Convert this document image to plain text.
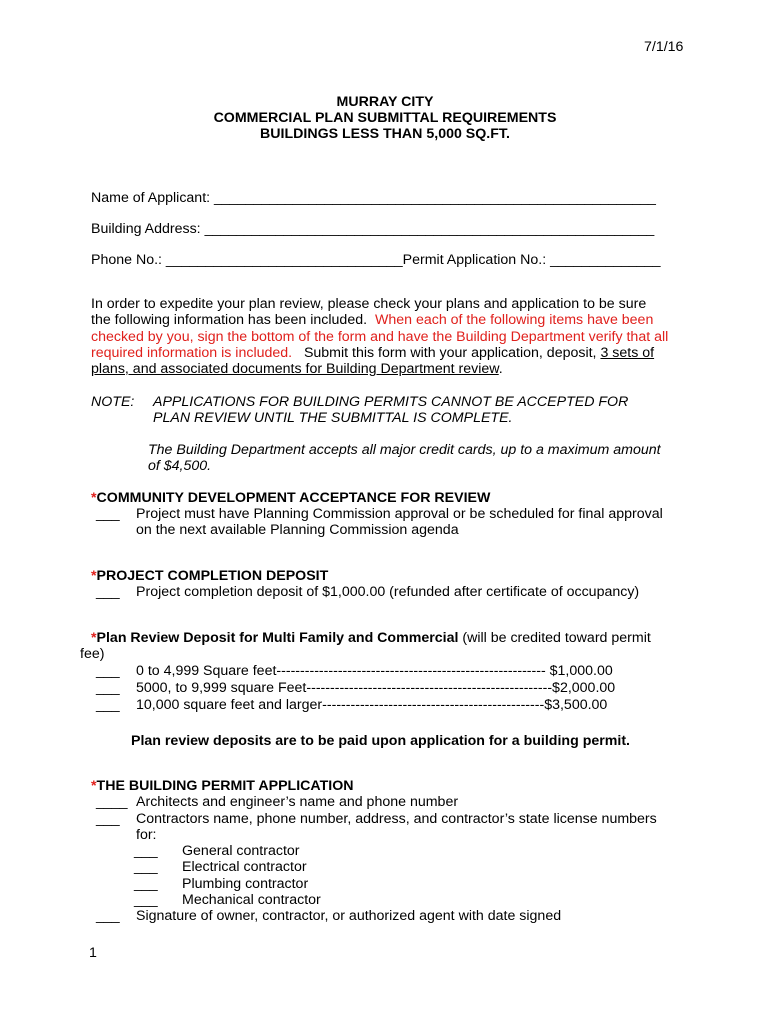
7/1/16
MURRAY CITY
COMMERCIAL PLAN SUBMITTAL REQUIREMENTS
BUILDINGS LESS THAN 5,000 SQ.FT.
Name of Applicant: ________________________________________________________
Building Address: _________________________________________________________
Phone No.: ______________________________Permit Application No.: ______________
In order to expedite your plan review, please check your plans and application to be sure
the following information has been included. When each of the following items have been
checked by you, sign the bottom of the form and have the Building Department verify that all
required information is included. Submit this form with your application, deposit, 3 sets of
plans, and associated documents for Building Department review.
NOTE: APPLICATIONS FOR BUILDING PERMITS CANNOT BE ACCEPTED FOR
PLAN REVIEW UNTIL THE SUBMITTAL IS COMPLETE.
The Building Department accepts all major credit cards, up to a maximum amount
of $4,500.
*COMMUNITY DEVELOPMENT ACCEPTANCE FOR REVIEW
___ Project must have Planning Commission approval or be scheduled for final approval
on the next available Planning Commission agenda
*PROJECT COMPLETION DEPOSIT
___ Project completion deposit of $1,000.00 (refunded after certificate of occupancy)
*Plan Review Deposit for Multi Family and Commercial (will be credited toward permit
fee)
___ 0 to 4,999 Square feet--------------------------------------------------------- $1,000.00
___ 5000, to 9,999 square Feet----------------------------------------------------$2,000.00
___ 10,000 square feet and larger-----------------------------------------------$3,500.00
Plan review deposits are to be paid upon application for a building permit.
*THE BUILDING PERMIT APPLICATION
____ Architects and engineer’s name and phone number
___ Contractors name, phone number, address, and contractor’s state license numbers
for:
___ General contractor
___ Electrical contractor
___ Plumbing contractor
___ Mechanical contractor
___ Signature of owner, contractor, or authorized agent with date signed
1
